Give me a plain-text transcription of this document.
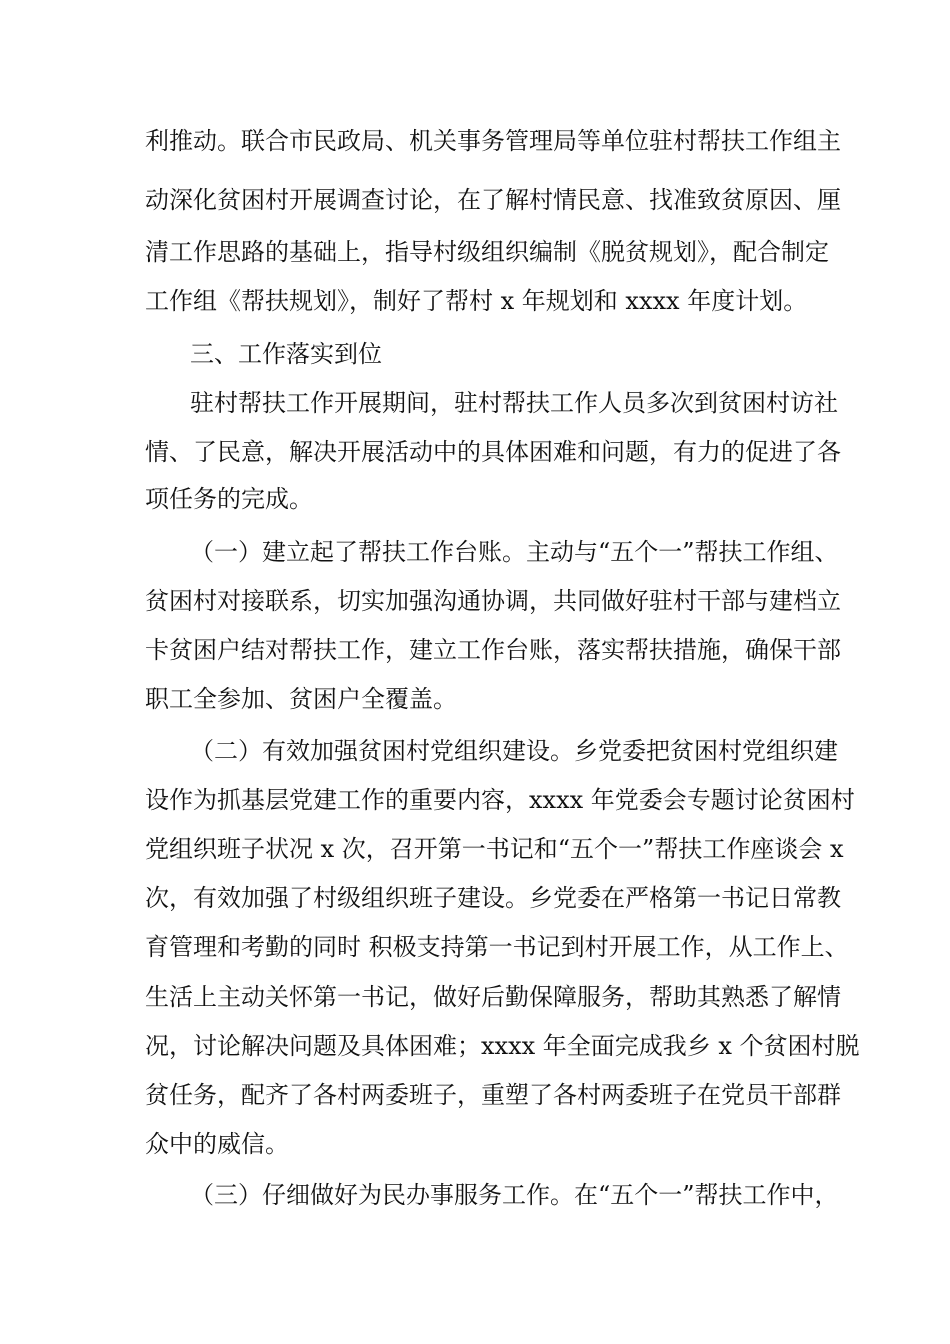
利推动。联合市民政局、机关事务管理局等单位驻村帮扶工作组主
动深化贫困村开展调查讨论，在了解村情民意、找准致贫原因、厘
清工作思路的基础上，指导村级组织编制《脱贫规划》，配合制定
工作组《帮扶规划》，制好了帮村 x 年规划和 xxxx 年度计划。
三、工作落实到位
驻村帮扶工作开展期间，驻村帮扶工作人员多次到贫困村访社
情、了民意，解决开展活动中的具体困难和问题，有力的促进了各
项任务的完成。
（一）建立起了帮扶工作台账。主动与“五个一”帮扶工作组、
贫困村对接联系，切实加强沟通协调，共同做好驻村干部与建档立
卡贫困户结对帮扶工作，建立工作台账，落实帮扶措施，确保干部
职工全参加、贫困户全覆盖。
（二）有效加强贫困村党组织建设。乡党委把贫困村党组织建
设作为抓基层党建工作的重要内容，xxxx 年党委会专题讨论贫困村
党组织班子状况 x 次，召开第一书记和“五个一”帮扶工作座谈会 x
次，有效加强了村级组织班子建设。乡党委在严格第一书记日常教
育管理和考勤的同时 积极支持第一书记到村开展工作，从工作上、
生活上主动关怀第一书记，做好后勤保障服务，帮助其熟悉了解情
况，讨论解决问题及具体困难；xxxx 年全面完成我乡 x 个贫困村脱
贫任务，配齐了各村两委班子，重塑了各村两委班子在党员干部群
众中的威信。
（三）仔细做好为民办事服务工作。在“五个一”帮扶工作中，
